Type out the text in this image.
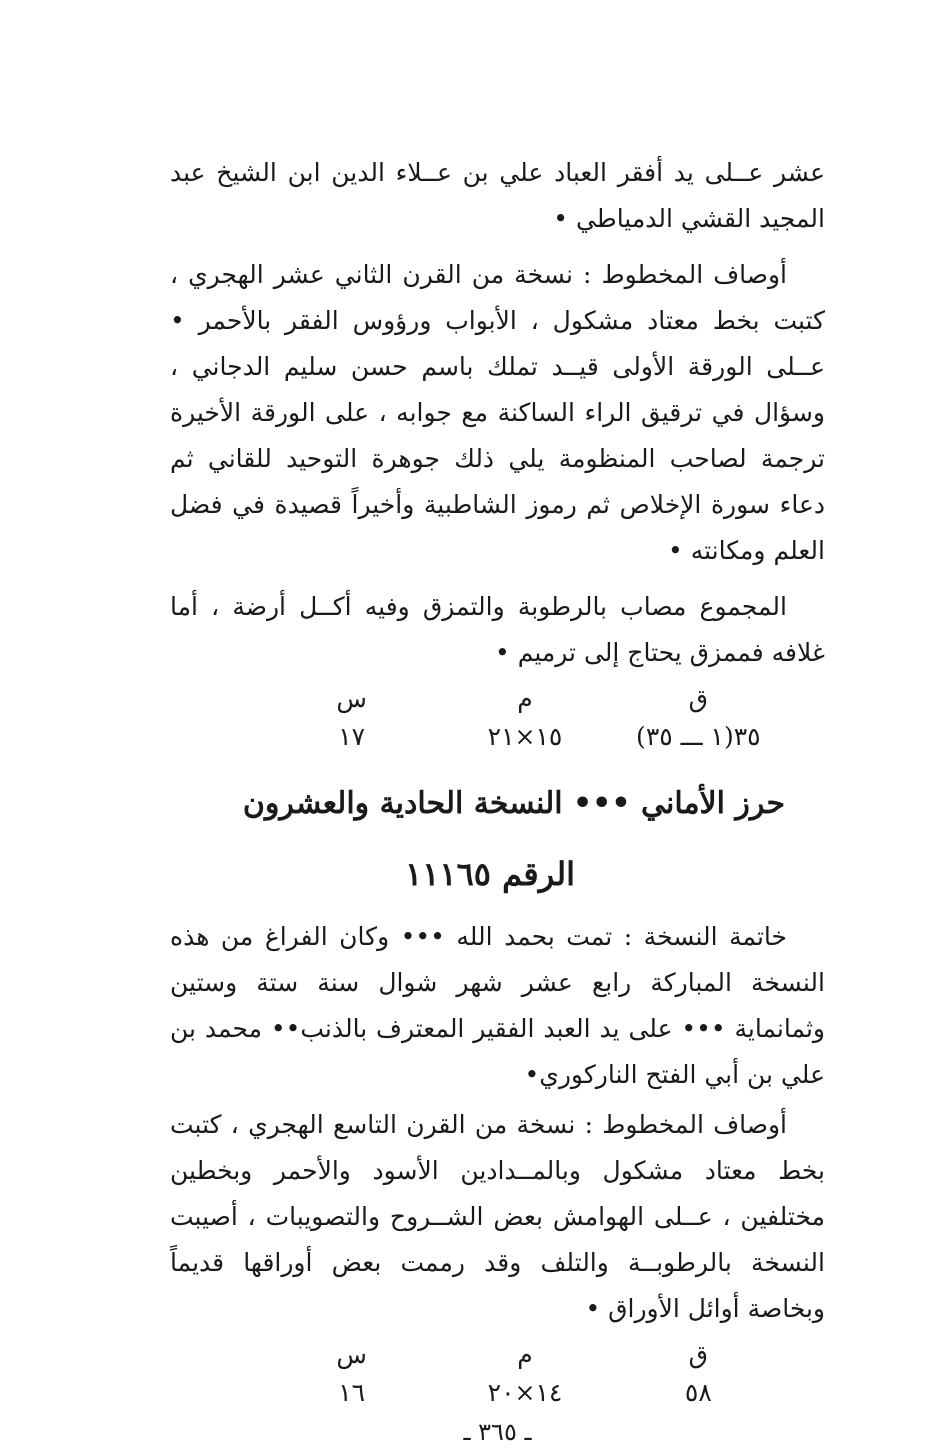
عشر عــلى يد أفقر العباد علي بن عــلاء الدين ابن الشيخ عبد المجيد القشي الدمياطي •

أوصاف المخطوط : نسخة من القرن الثاني عشر الهجري ، كتبت بخط معتاد مشكول ، الأبواب ورؤوس الفقر بالأحمر • عــلى الورقة الأولى قيــد تملك باسم حسن سليم الدجاني ، وسؤال في ترقيق الراء الساكنة مع جوابه ، على الورقة الأخيرة ترجمة لصاحب المنظومة يلي ذلك جوهرة التوحيد للقاني ثم دعاء سورة الإخلاص ثم رموز الشاطبية وأخيراً قصيدة في فضل العلم ومكانته •

المجموع مصاب بالرطوبة والتمزق وفيه أكــل أرضة ، أما غلافه فممزق يحتاج إلى ترميم •

ق
م
س
٣٥(١ ـــ ٣٥)
١٥×٢١
١٧
حرز الأماني ••• النسخة الحادية والعشرون
الرقم ١١١٦٥

خاتمة النسخة : تمت بحمد الله ••• وكان الفراغ من هذه النسخة المباركة رابع عشر شهر شوال سنة ستة وستين وثمانماية ••• على يد العبد الفقير المعترف بالذنب•• محمد بن علي بن أبي الفتح الناركوري•

أوصاف المخطوط : نسخة من القرن التاسع الهجري ، كتبت بخط معتاد مشكول وبالمــدادين الأسود والأحمر وبخطين مختلفين ، عــلى الهوامش بعض الشــروح والتصويبات ، أصيبت النسخة بالرطوبــة والتلف وقد رممت بعض أوراقها قديماً وبخاصة أوائل الأوراق •

ق
م
س
٥٨
١٤×٢٠
١٦
ـ ٣٦٥ ـ
